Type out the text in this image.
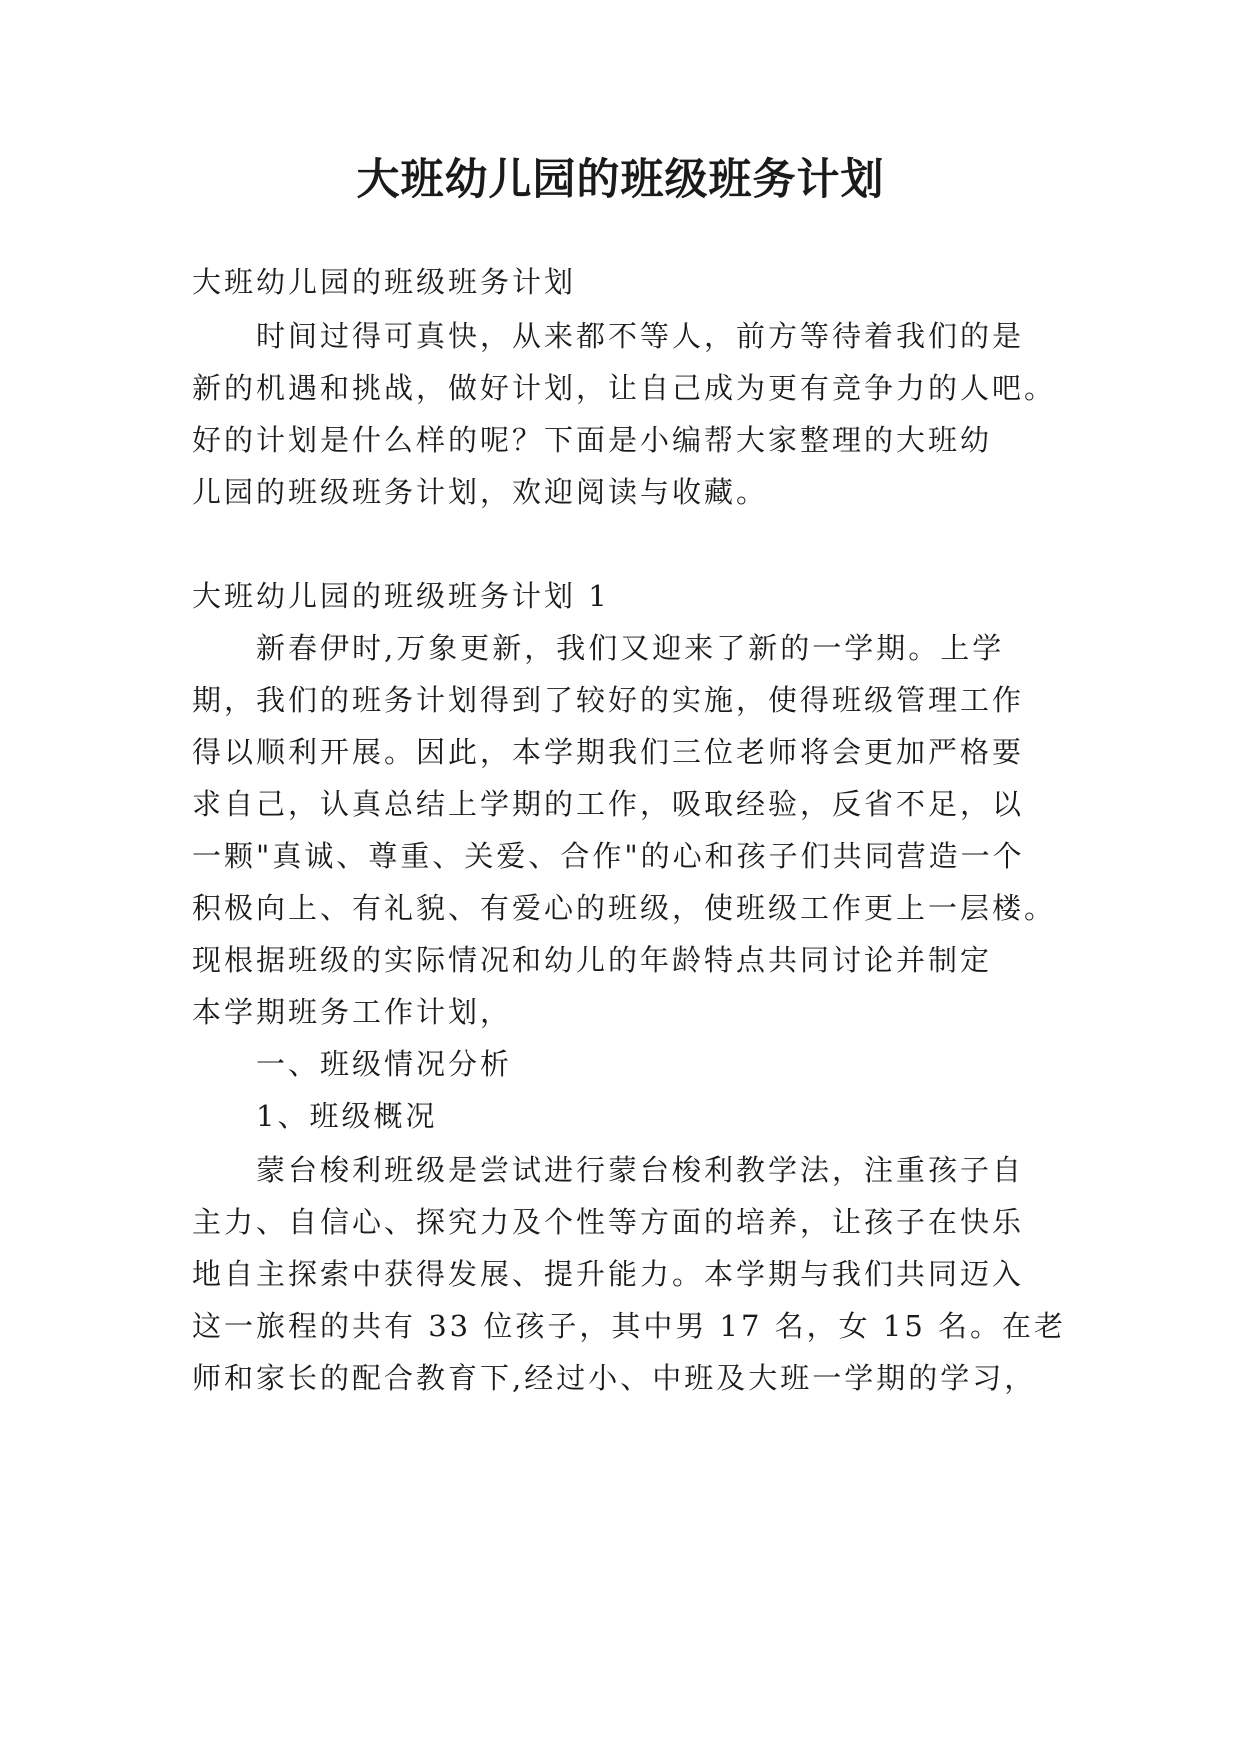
大班幼儿园的班级班务计划
大班幼儿园的班级班务计划
时间过得可真快，从来都不等人，前方等待着我们的是
新的机遇和挑战，做好计划，让自己成为更有竞争力的人吧。
好的计划是什么样的呢？下面是小编帮大家整理的大班幼
儿园的班级班务计划，欢迎阅读与收藏。
大班幼儿园的班级班务计划 1
新春伊时,万象更新，我们又迎来了新的一学期。上学
期，我们的班务计划得到了较好的实施，使得班级管理工作
得以顺利开展。因此，本学期我们三位老师将会更加严格要
求自己，认真总结上学期的工作，吸取经验，反省不足，以
一颗"真诚、尊重、关爱、合作"的心和孩子们共同营造一个
积极向上、有礼貌、有爱心的班级，使班级工作更上一层楼。
现根据班级的实际情况和幼儿的年龄特点共同讨论并制定
本学期班务工作计划，
一、班级情况分析
1、班级概况
蒙台梭利班级是尝试进行蒙台梭利教学法，注重孩子自
主力、自信心、探究力及个性等方面的培养，让孩子在快乐
地自主探索中获得发展、提升能力。本学期与我们共同迈入
这一旅程的共有 33 位孩子，其中男 17 名，女 15 名。在老
师和家长的配合教育下,经过小、中班及大班一学期的学习，
